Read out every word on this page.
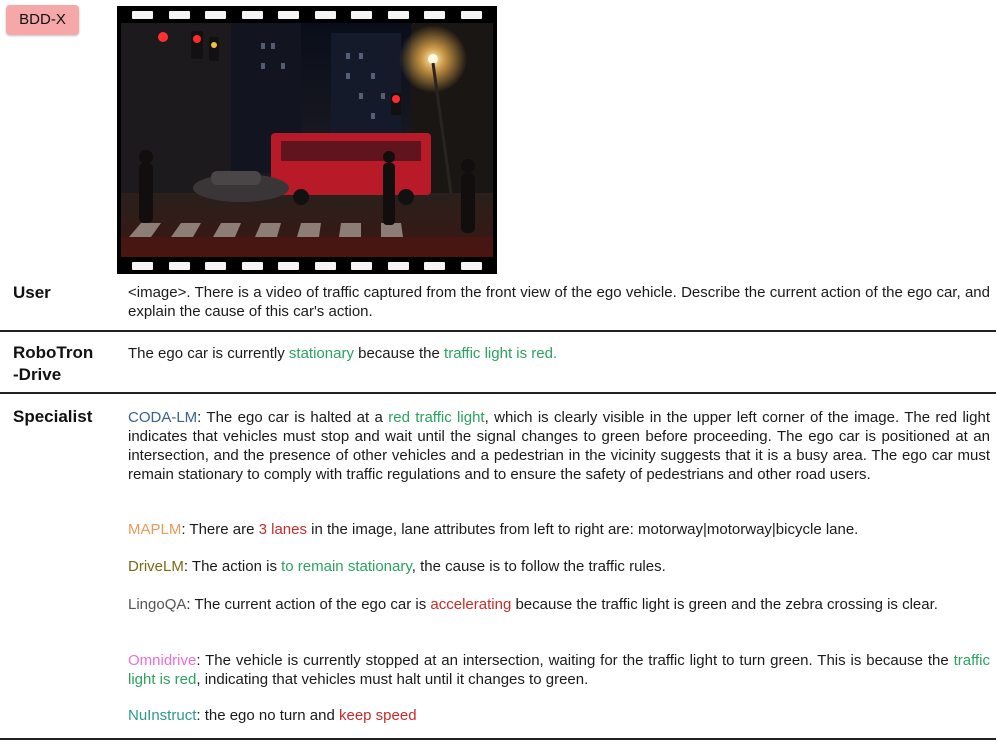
BDD-X

User	<image>. There is a video of traffic captured from the front view of the ego vehicle. Describe the current action of the ego car, and explain the cause of this car's action.

RoboTron
-Drive

The ego car is currently stationary because the traffic light is red.

Specialist CODA-LM: The ego car is halted at a red traffic light, which is clearly visible in the upper left corner of the image. The red light indicates that vehicles must stop and wait until the signal changes to green before proceeding. The ego car is positioned at an intersection, and the presence of other vehicles and a pedestrian in the vicinity suggests that it is a busy area. The ego car must remain stationary to comply with traffic regulations and to ensure the safety of pedestrians and other road users.

MAPLM: There are 3 lanes in the image, lane attributes from left to right are: motorway|motorway|bicycle lane.

DriveLM: The action is to remain stationary, the cause is to follow the traffic rules.

LingoQA: The current action of the ego car is accelerating because the traffic light is green and the zebra crossing is clear.

Omnidrive: The vehicle is currently stopped at an intersection, waiting for the traffic light to turn green. This is because the traffic light is red, indicating that vehicles must halt until it changes to green.

NuInstruct: the ego no turn and keep speed
